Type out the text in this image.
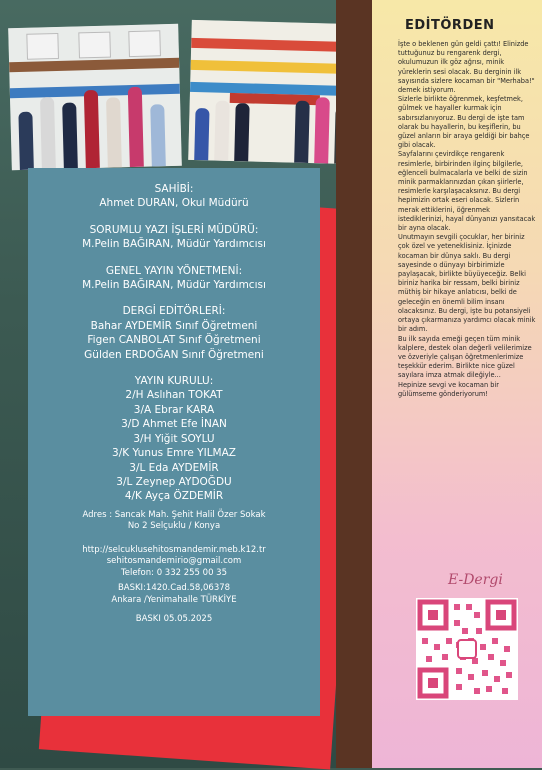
SAHİBİ:
Ahmet DURAN, Okul Müdürü
SORUMLU YAZI İŞLERİ MÜDÜRÜ:
M.Pelin BAĞIRAN, Müdür Yardımcısı
GENEL YAYIN YÖNETMENİ:
M.Pelin BAĞIRAN, Müdür Yardımcısı
DERGİ EDİTÖRLERİ:
Bahar AYDEMİR Sınıf Öğretmeni
Figen CANBOLAT Sınıf Öğretmeni
Gülden ERDOĞAN Sınıf Öğretmeni
YAYIN KURULU:
2/H Aslıhan TOKAT
3/A Ebrar KARA
3/D Ahmet Efe İNAN
3/H Yiğit SOYLU
3/K Yunus Emre YILMAZ
3/L Eda AYDEMİR
3/L Zeynep AYDOĞDU
4/K Ayça ÖZDEMİR
Adres : Sancak Mah. Şehit Halil Özer Sokak
No 2 Selçuklu / Konya
http://selcuklusehitosmandemir.meb.k12.tr
sehitosmandemirio@gmail.com
Telefon: 0 332 255 00 35
BASKI:1420.Cad.58,06378
Ankara /Yenimahalle TÜRKİYE
BASKI 05.05.2025
EDİTÖRDEN

İşte o beklenen gün geldi çattı! Elinizde tuttuğunuz bu rengarenk dergi, okulumuzun ilk göz ağrısı, minik yüreklerin sesi olacak. Bu derginin ilk sayısında sizlere kocaman bir "Merhaba!" demek istiyorum.

Sizlerle birlikte öğrenmek, keşfetmek, gülmek ve hayaller kurmak için sabırsızlanıyoruz. Bu dergi de işte tam olarak bu hayallerin, bu keşiflerin, bu güzel anların bir araya geldiği bir bahçe gibi olacak.

Sayfalarını çevirdikçe rengarenk resimlerle, birbirinden ilginç bilgilerle, eğlenceli bulmacalarla ve belki de sizin minik parmaklarınızdan çıkan şiirlerle, resimlerle karşılaşacaksınız. Bu dergi hepimizin ortak eseri olacak. Sizlerin merak ettiklerini, öğrenmek istediklerinizi, hayal dünyanızı yansıtacak bir ayna olacak.

Unutmayın sevgili çocuklar, her biriniz çok özel ve yeteneklisiniz. İçinizde kocaman bir dünya saklı. Bu dergi sayesinde o dünyayı birbirimizle paylaşacak, birlikte büyüyeceğiz. Belki biriniz harika bir ressam, belki biriniz müthiş bir hikaye anlatıcısı, belki de geleceğin en önemli bilim insanı olacaksınız. Bu dergi, işte bu potansiyeli ortaya çıkarmanıza yardımcı olacak minik bir adım.

Bu ilk sayıda emeği geçen tüm minik kalplere, destek olan değerli velilerimize ve özveriyle çalışan öğretmenlerimize teşekkür ederim. Birlikte nice güzel sayılara imza atmak dileğiyle...

Hepinize sevgi ve kocaman bir gülümseme gönderiyorum!

E-Dergi
